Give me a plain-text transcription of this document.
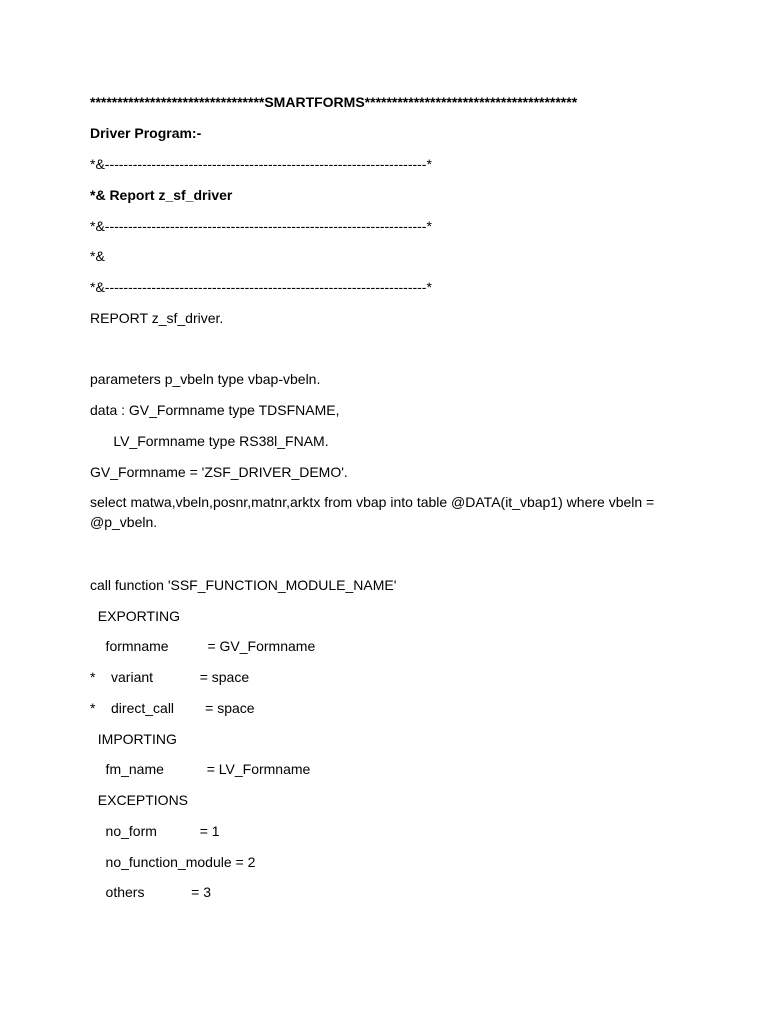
********************************SMARTFORMS***************************************
Driver Program:-
*&---------------------------------------------------------------------*
*& Report z_sf_driver
*&---------------------------------------------------------------------*
*&
*&---------------------------------------------------------------------*
REPORT z_sf_driver.
parameters p_vbeln type vbap-vbeln.
data : GV_Formname type TDSFNAME,
LV_Formname type RS38l_FNAM.
GV_Formname = 'ZSF_DRIVER_DEMO'.
select matwa,vbeln,posnr,matnr,arktx from vbap into table @DATA(it_vbap1) where vbeln = @p_vbeln.
call function 'SSF_FUNCTION_MODULE_NAME'
EXPORTING
formname          = GV_Formname
*    variant            = space
*    direct_call        = space
IMPORTING
fm_name           = LV_Formname
EXCEPTIONS
no_form           = 1
no_function_module = 2
others            = 3
